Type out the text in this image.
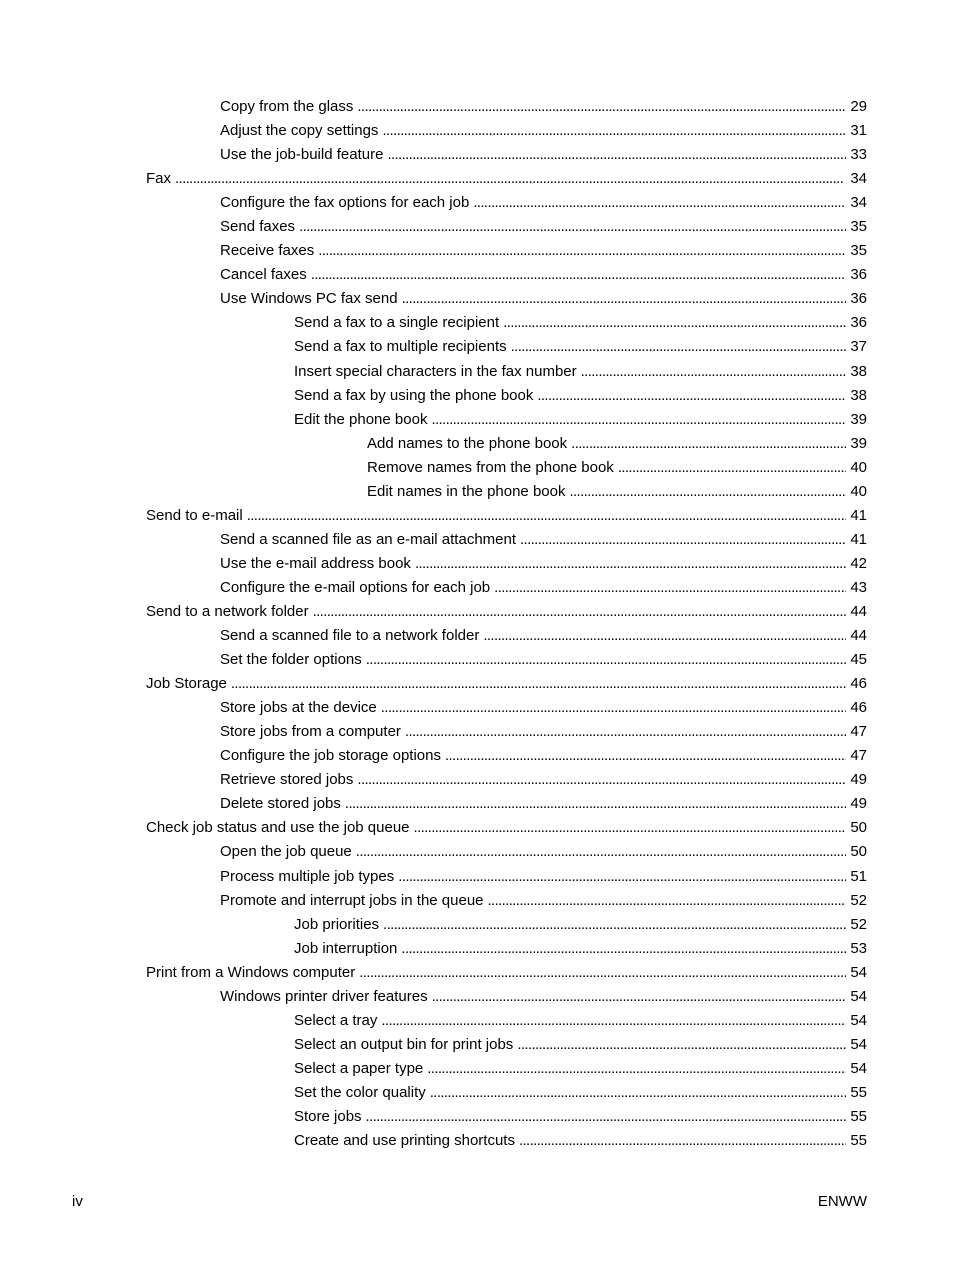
Copy from the glass . . .	29
Adjust the copy settings . . .	31
Use the job-build feature . . .	33
Fax . . .	34
Configure the fax options for each job . . .	34
Send faxes . . .	35
Receive faxes . . .	35
Cancel faxes . . .	36
Use Windows PC fax send . . .	36
Send a fax to a single recipient . . .	36
Send a fax to multiple recipients . . .	37
Insert special characters in the fax number . . .	38
Send a fax by using the phone book . . .	38
Edit the phone book . . .	39
Add names to the phone book . . .	39
Remove names from the phone book . . .	40
Edit names in the phone book . . .	40
Send to e-mail . . .	41
Send a scanned file as an e-mail attachment . . .	41
Use the e-mail address book . . .	42
Configure the e-mail options for each job . . .	43
Send to a network folder . . .	44
Send a scanned file to a network folder . . .	44
Set the folder options . . .	45
Job Storage . . .	46
Store jobs at the device . . .	46
Store jobs from a computer . . .	47
Configure the job storage options . . .	47
Retrieve stored jobs . . .	49
Delete stored jobs . . .	49
Check job status and use the job queue . . .	50
Open the job queue . . .	50
Process multiple job types . . .	51
Promote and interrupt jobs in the queue . . .	52
Job priorities . . .	52
Job interruption . . .	53
Print from a Windows computer . . .	54
Windows printer driver features . . .	54
Select a tray . . .	54
Select an output bin for print jobs . . .	54
Select a paper type . . .	54
Set the color quality . . .	55
Store jobs . . .	55
Create and use printing shortcuts . . .	55
iv	ENWW
